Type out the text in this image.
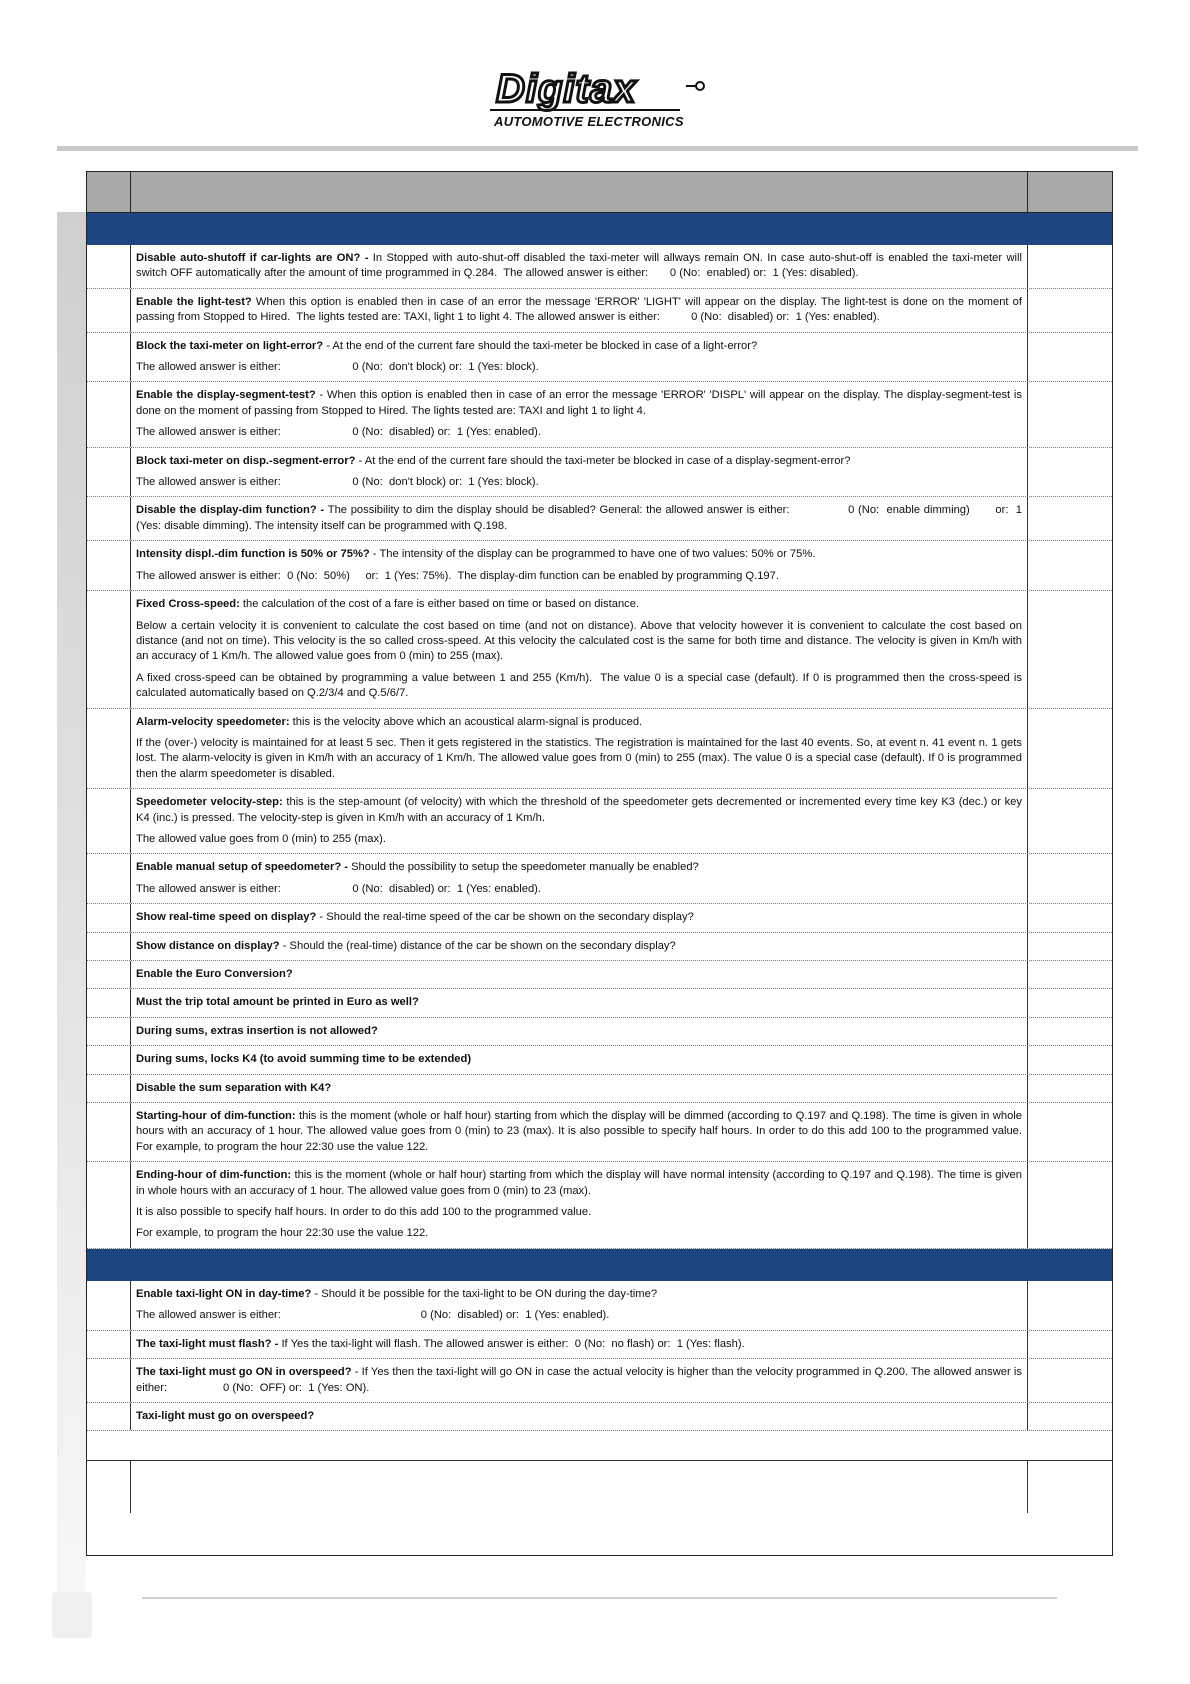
Digitax
AUTOMOTIVE ELECTRONICS

Disable auto-shutoff if car-lights are ON? - In Stopped with auto-shut-off disabled the taxi-meter will allways remain ON. In case auto-shut-off is enabled the taxi-meter will switch OFF automatically after the amount of time programmed in Q.284.  The allowed answer is either:       0 (No:  enabled) or:  1 (Yes: disabled).

Enable the light-test? When this option is enabled then in case of an error the message 'ERROR' 'LIGHT' will appear on the display. The light-test is done on the moment of passing from Stopped to Hired.  The lights tested are: TAXI, light 1 to light 4. The allowed answer is either:          0 (No:  disabled) or:  1 (Yes: enabled).

Block the taxi-meter on light-error? - At the end of the current fare should the taxi-meter be blocked in case of a light-error?

The allowed answer is either:                       0 (No:  don't block) or:  1 (Yes: block).

Enable the display-segment-test? - When this option is enabled then in case of an error the message 'ERROR' 'DISPL' will appear on the display. The display-segment-test is done on the moment of passing from Stopped to Hired. The lights tested are: TAXI and light 1 to light 4.

The allowed answer is either:                       0 (No:  disabled) or:  1 (Yes: enabled).

Block taxi-meter on disp.-segment-error? - At the end of the current fare should the taxi-meter be blocked in case of a display-segment-error?

The allowed answer is either:                       0 (No:  don't block) or:  1 (Yes: block).

Disable the display-dim function? - The possibility to dim the display should be disabled? General: the allowed answer is either:                0 (No:  enable dimming)       or:  1 (Yes: disable dimming). The intensity itself can be programmed with Q.198.

Intensity displ.-dim function is 50% or 75%? - The intensity of the display can be programmed to have one of two values: 50% or 75%.

The allowed answer is either:  0 (No:  50%)     or:  1 (Yes: 75%).  The display-dim function can be enabled by programming Q.197.

Fixed Cross-speed: the calculation of the cost of a fare is either based on time or based on distance.

Below a certain velocity it is convenient to calculate the cost based on time (and not on distance). Above that velocity however it is convenient to calculate the cost based on distance (and not on time). This velocity is the so called cross-speed. At this velocity the calculated cost is the same for both time and distance. The velocity is given in Km/h with an accuracy of 1 Km/h. The allowed value goes from 0 (min) to 255 (max).

A fixed cross-speed can be obtained by programming a value between 1 and 255 (Km/h).  The value 0 is a special case (default). If 0 is programmed then the cross-speed is calculated automatically based on Q.2/3/4 and Q.5/6/7.

Alarm-velocity speedometer: this is the velocity above which an acoustical alarm-signal is produced.

If the (over-) velocity is maintained for at least 5 sec. Then it gets registered in the statistics. The registration is maintained for the last 40 events. So, at event n. 41 event n. 1 gets lost. The alarm-velocity is given in Km/h with an accuracy of 1 Km/h. The allowed value goes from 0 (min) to 255 (max). The value 0 is a special case (default). If 0 is programmed then the alarm speedometer is disabled.

Speedometer velocity-step: this is the step-amount (of velocity) with which the threshold of the speedometer gets decremented or incremented every time key K3 (dec.) or key K4 (inc.) is pressed. The velocity-step is given in Km/h with an accuracy of 1 Km/h.

The allowed value goes from 0 (min) to 255 (max).

Enable manual setup of speedometer? - Should the possibility to setup the speedometer manually be enabled?

The allowed answer is either:                       0 (No:  disabled) or:  1 (Yes: enabled).

Show real-time speed on display? - Should the real-time speed of the car be shown on the secondary display?

Show distance on display? - Should the (real-time) distance of the car be shown on the secondary display?

Enable the Euro Conversion?

Must the trip total amount be printed in Euro as well?

During sums, extras insertion is not allowed?

During sums, locks K4 (to avoid summing time to be extended)

Disable the sum separation with K4?

Starting-hour of dim-function: this is the moment (whole or half hour) starting from which the display will be dimmed (according to Q.197 and Q.198). The time is given in whole hours with an accuracy of 1 hour. The allowed value goes from 0 (min) to 23 (max). It is also possible to specify half hours. In order to do this add 100 to the programmed value. For example, to program the hour 22:30 use the value 122.

Ending-hour of dim-function: this is the moment (whole or half hour) starting from which the display will have normal intensity (according to Q.197 and Q.198). The time is given in whole hours with an accuracy of 1 hour. The allowed value goes from 0 (min) to 23 (max).

It is also possible to specify half hours. In order to do this add 100 to the programmed value.

For example, to program the hour 22:30 use the value 122.

Enable taxi-light ON in day-time? - Should it be possible for the taxi-light to be ON during the day-time?

The allowed answer is either:                                             0 (No:  disabled) or:  1 (Yes: enabled).

The taxi-light must flash? - If Yes the taxi-light will flash. The allowed answer is either:  0 (No:  no flash) or:  1 (Yes: flash).

The taxi-light must go ON in overspeed? - If Yes then the taxi-light will go ON in case the actual velocity is higher than the velocity programmed in Q.200. The allowed answer is either:                  0 (No:  OFF) or:  1 (Yes: ON).

Taxi-light must go on overspeed?
